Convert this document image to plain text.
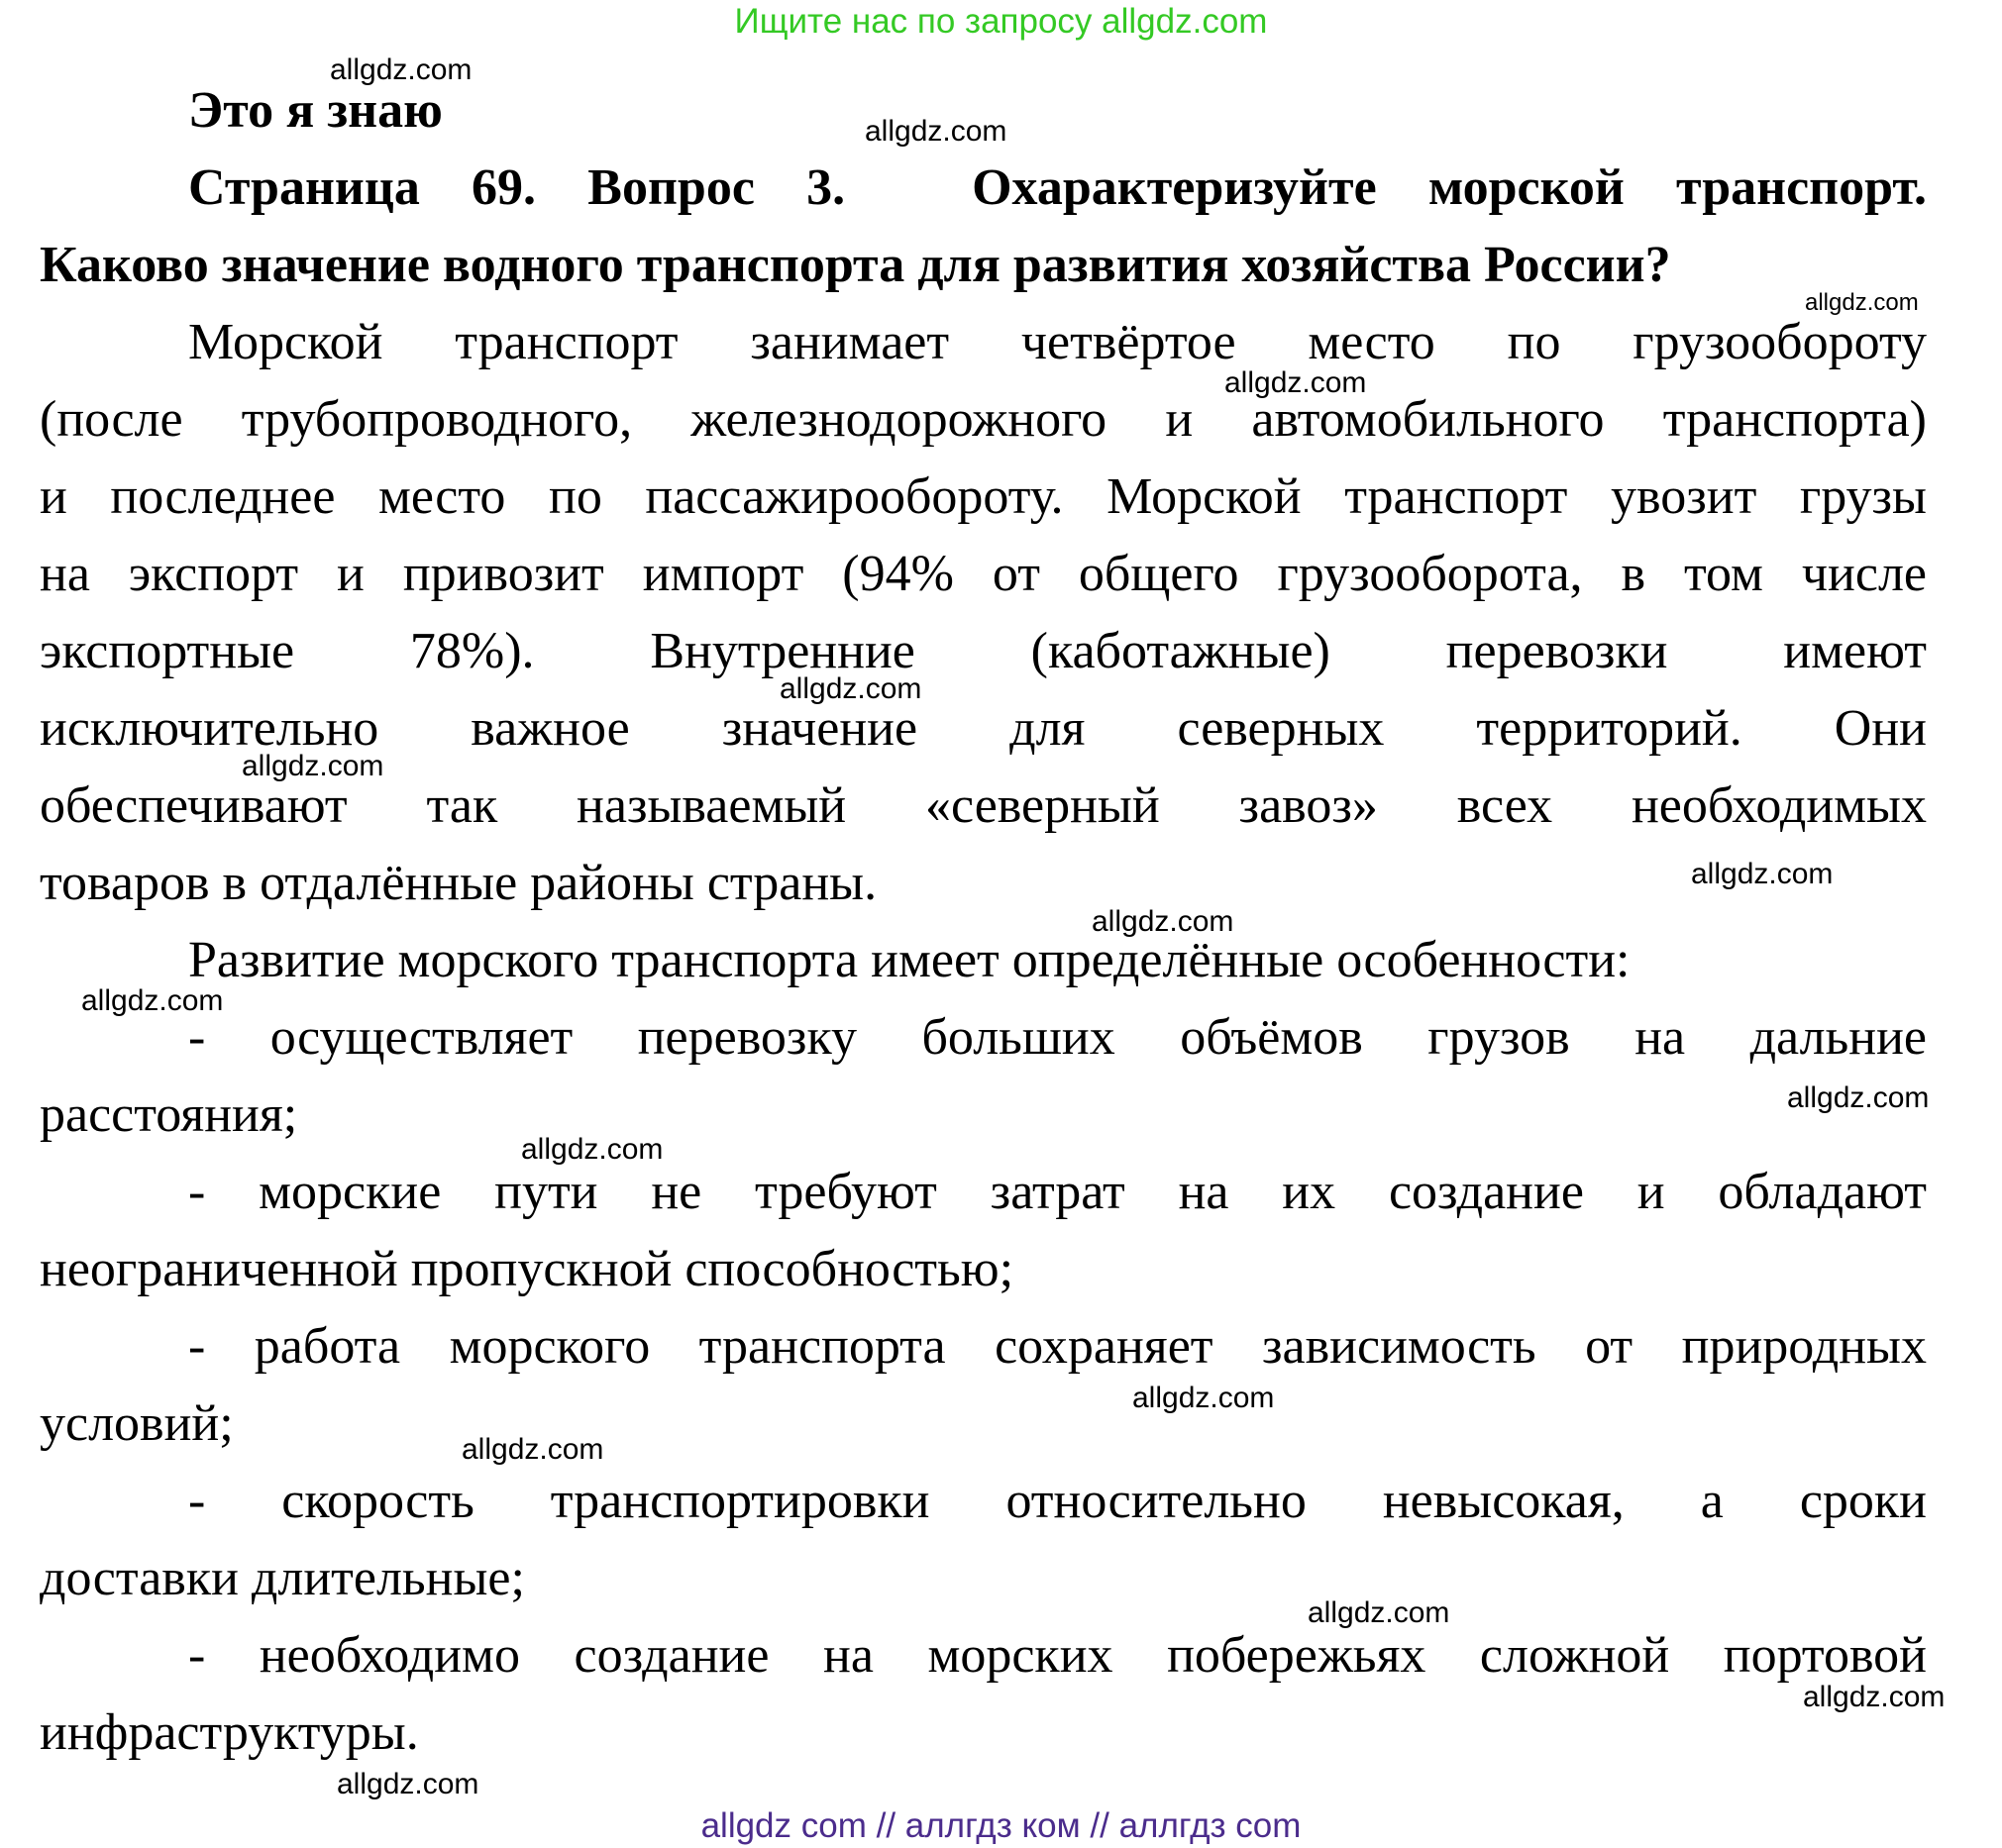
Ищите нас по запросу allgdz.com
Это я знаю
Страница 69. Вопрос 3. Охарактеризуйте морской транспорт.
Каково значение водного транспорта для развития хозяйства России?
Морской транспорт занимает четвёртое место по грузообороту
(после трубопроводного, железнодорожного и автомобильного транспорта)
и последнее место по пассажирообороту. Морской транспорт увозит грузы
на экспорт и привозит импорт (94% от общего грузооборота, в том числе
экспортные 78%). Внутренние (каботажные) перевозки имеют
исключительно важное значение для северных территорий. Они
обеспечивают так называемый «северный завоз» всех необходимых
товаров в отдалённые районы страны.
Развитие морского транспорта имеет определённые особенности:
- осуществляет перевозку больших объёмов грузов на дальние
расстояния;
- морские пути не требуют затрат на их создание и обладают
неограниченной пропускной способностью;
- работа морского транспорта сохраняет зависимость от природных
условий;
- скорость транспортировки относительно невысокая, а сроки
доставки длительные;
- необходимо создание на морских побережьях сложной портовой
инфраструктуры.
allgdz.com
allgdz.com
allgdz.com
allgdz.com
allgdz.com
allgdz.com
allgdz.com
allgdz.com
allgdz.com
allgdz.com
allgdz.com
allgdz.com
allgdz.com
allgdz.com
allgdz.com
allgdz.com
allgdz com // аллгдз ком // аллгдз com
